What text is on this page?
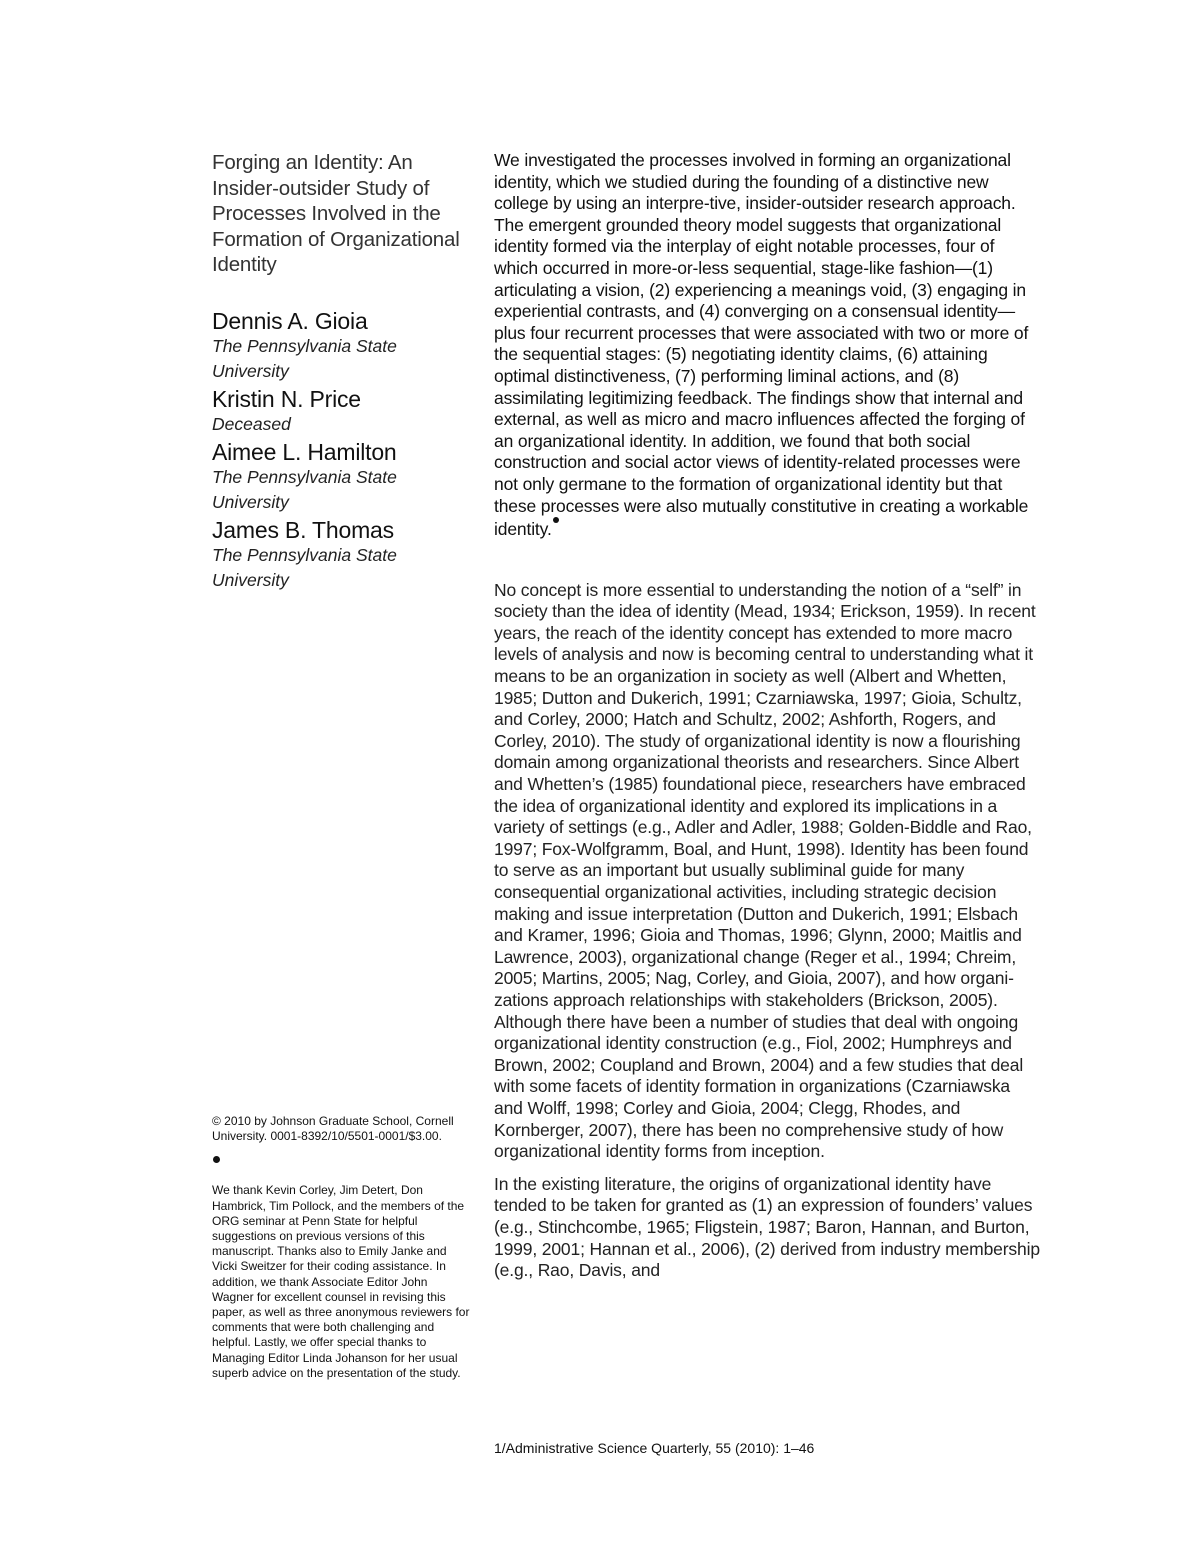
Forging an Identity: An Insider-outsider Study of Processes Involved in the Formation of Organizational Identity

Dennis A. Gioia

The Pennsylvania State University

Kristin N. Price

Deceased

Aimee L. Hamilton

The Pennsylvania State University

James B. Thomas

The Pennsylvania State University

© 2010 by Johnson Graduate School, Cornell University. 0001-8392/10/5501-0001/$3.00.

We thank Kevin Corley, Jim Detert, Don Hambrick, Tim Pollock, and the members of the ORG seminar at Penn State for helpful suggestions on previous versions of this manuscript. Thanks also to Emily Janke and Vicki Sweitzer for their coding assistance. In addition, we thank Associate Editor John Wagner for excellent counsel in revising this paper, as well as three anonymous reviewers for comments that were both challenging and helpful. Lastly, we offer special thanks to Managing Editor Linda Johanson for her usual superb advice on the presentation of the study.

We investigated the processes involved in forming an organizational identity, which we studied during the founding of a distinctive new college by using an interpre-tive, insider-outsider research approach. The emergent grounded theory model suggests that organizational identity formed via the interplay of eight notable processes, four of which occurred in more-or-less sequential, stage-like fashion—(1) articulating a vision, (2) experiencing a meanings void, (3) engaging in experiential contrasts, and (4) converging on a consensual identity—plus four recurrent processes that were associated with two or more of the sequential stages: (5) negotiating identity claims, (6) attaining optimal distinctiveness, (7) performing liminal actions, and (8) assimilating legitimizing feedback. The findings show that internal and external, as well as micro and macro influences affected the forging of an organizational identity. In addition, we found that both social construction and social actor views of identity-related processes were not only germane to the formation of organizational identity but that these processes were also mutually constitutive in creating a workable identity.

No concept is more essential to understanding the notion of a “self” in society than the idea of identity (Mead, 1934; Erickson, 1959). In recent years, the reach of the identity concept has extended to more macro levels of analysis and now is becoming central to understanding what it means to be an organization in society as well (Albert and Whetten, 1985; Dutton and Dukerich, 1991; Czarniawska, 1997; Gioia, Schultz, and Corley, 2000; Hatch and Schultz, 2002; Ashforth, Rogers, and Corley, 2010). The study of organizational identity is now a flourishing domain among organizational theorists and researchers. Since Albert and Whetten’s (1985) foundational piece, researchers have embraced the idea of organizational identity and explored its implications in a variety of settings (e.g., Adler and Adler, 1988; Golden-Biddle and Rao, 1997; Fox-Wolfgramm, Boal, and Hunt, 1998). Identity has been found to serve as an important but usually subliminal guide for many consequential organizational activities, including strategic decision making and issue interpretation (Dutton and Dukerich, 1991; Elsbach and Kramer, 1996; Gioia and Thomas, 1996; Glynn, 2000; Maitlis and Lawrence, 2003), organizational change (Reger et al., 1994; Chreim, 2005; Martins, 2005; Nag, Corley, and Gioia, 2007), and how organi-zations approach relationships with stakeholders (Brickson, 2005). Although there have been a number of studies that deal with ongoing organizational identity construction (e.g., Fiol, 2002; Humphreys and Brown, 2002; Coupland and Brown, 2004) and a few studies that deal with some facets of identity formation in organizations (Czarniawska and Wolff, 1998; Corley and Gioia, 2004; Clegg, Rhodes, and Kornberger, 2007), there has been no comprehensive study of how organizational identity forms from inception.

In the existing literature, the origins of organizational identity have tended to be taken for granted as (1) an expression of founders’ values (e.g., Stinchcombe, 1965; Fligstein, 1987; Baron, Hannan, and Burton, 1999, 2001; Hannan et al., 2006), (2) derived from industry membership (e.g., Rao, Davis, and

1/Administrative Science Quarterly, 55 (2010): 1–46
